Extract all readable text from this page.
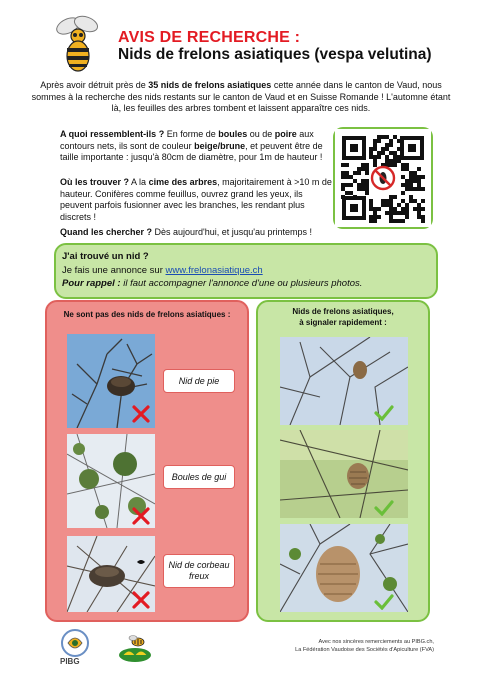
AVIS DE RECHERCHE :
Nids de frelons asiatiques (vespa velutina)
Après avoir détruit près de 35 nids de frelons asiatiques cette année dans le canton de Vaud, nous sommes à la recherche des nids restants sur le canton de Vaud et en Suisse Romande ! L'automne étant là, les feuilles des arbres tombent et laissent apparaître ces nids.
A quoi ressemblent-ils ? En forme de boules ou de poire aux contours nets, ils sont de couleur beige/brune, et peuvent être de taille importante : jusqu'à 80cm de diamètre, pour 1m de hauteur !
Où les trouver ? A la cime des arbres, majoritairement à >10 m de hauteur. Conifères comme feuillus, ouvrez grand les yeux, ils peuvent parfois fusionner avec les branches, les rendant plus discrets !
Quand les chercher ? Dès aujourd'hui, et jusqu'au printemps !
J'ai trouvé un nid ?
Je fais une annonce sur www.frelonasiatique.ch
Pour rappel : il faut accompagner l'annonce d'une ou plusieurs photos.
Ne sont pas des nids de frelons asiatiques :
Nid de pie
Boules de gui
Nid de corbeau freux
Nids de frelons asiatiques,
à signaler rapidement :
PIBG
Avec nos sincères remerciements au PIBG.ch,
La Fédération Vaudoise des Sociétés d'Apiculture (FVA)
